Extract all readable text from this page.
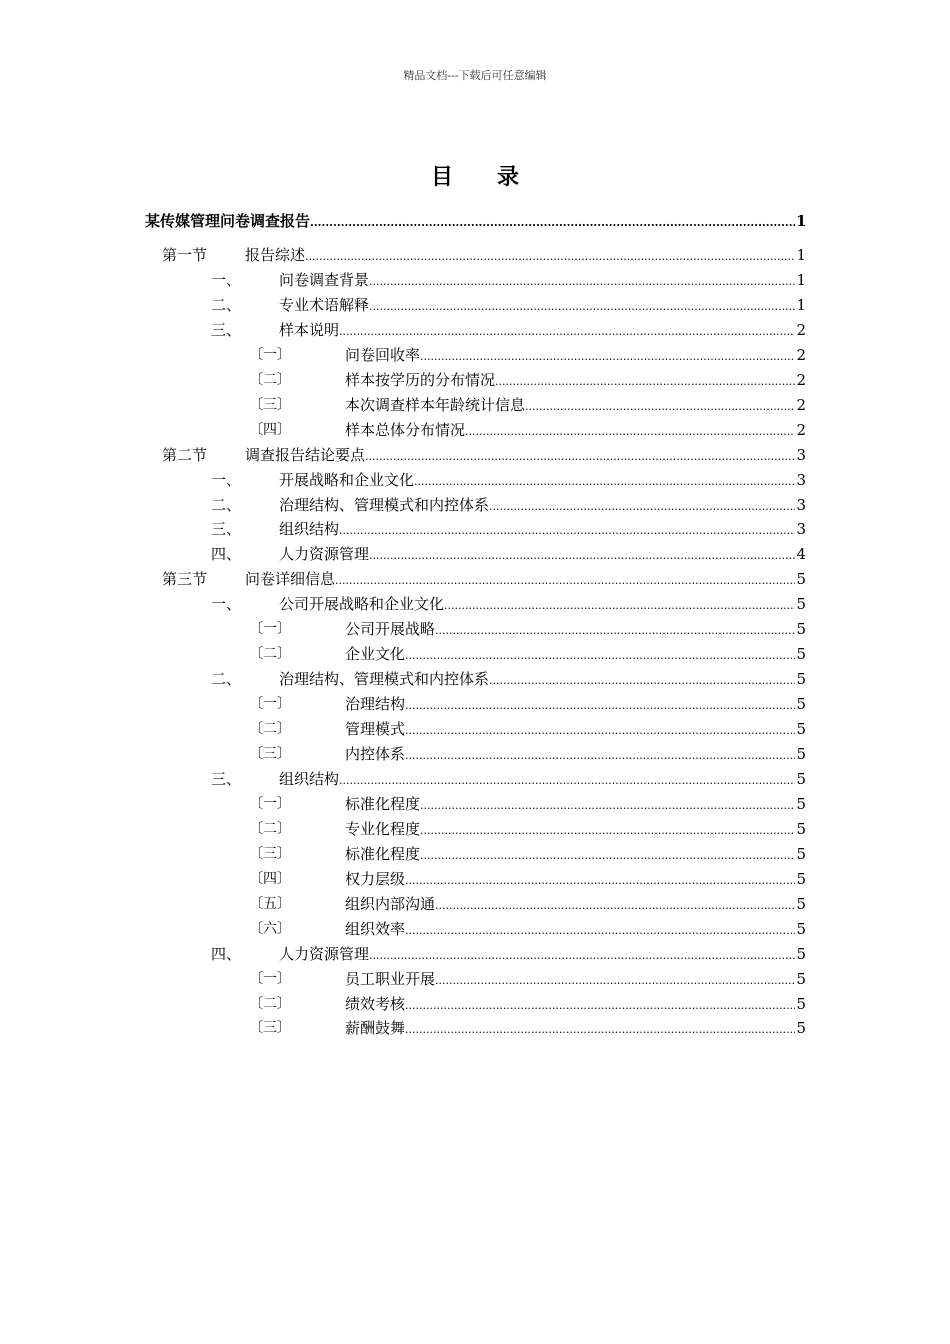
精品文档---下载后可任意编辑
目 录
某传媒管理问卷调查报告 .....	1
第一节	报告综述 .....	1
一、	问卷调查背景 .....	1
二、	专业术语解释 .....	1
三、	样本说明 .....	2
〔一〕	问卷回收率 .....	2
〔二〕	样本按学历的分布情况 .....	2
〔三〕	本次调查样本年龄统计信息 .....	2
〔四〕	样本总体分布情况 .....	2
第二节	调查报告结论要点 .....	3
一、	开展战略和企业文化 .....	3
二、	治理结构、管理模式和内控体系 .....	3
三、	组织结构 .....	3
四、	人力资源管理 .....	4
第三节	问卷详细信息 .....	5
一、	公司开展战略和企业文化 .....	5
〔一〕	公司开展战略 .....	5
〔二〕	企业文化 .....	5
二、	治理结构、管理模式和内控体系 .....	5
〔一〕	治理结构 .....	5
〔二〕	管理模式 .....	5
〔三〕	内控体系 .....	5
三、	组织结构 .....	5
〔一〕	标准化程度 .....	5
〔二〕	专业化程度 .....	5
〔三〕	标准化程度 .....	5
〔四〕	权力层级 .....	5
〔五〕	组织内部沟通 .....	5
〔六〕	组织效率 .....	5
四、	人力资源管理 .....	5
〔一〕	员工职业开展 .....	5
〔二〕	绩效考核 .....	5
〔三〕	薪酬鼓舞 .....	5
